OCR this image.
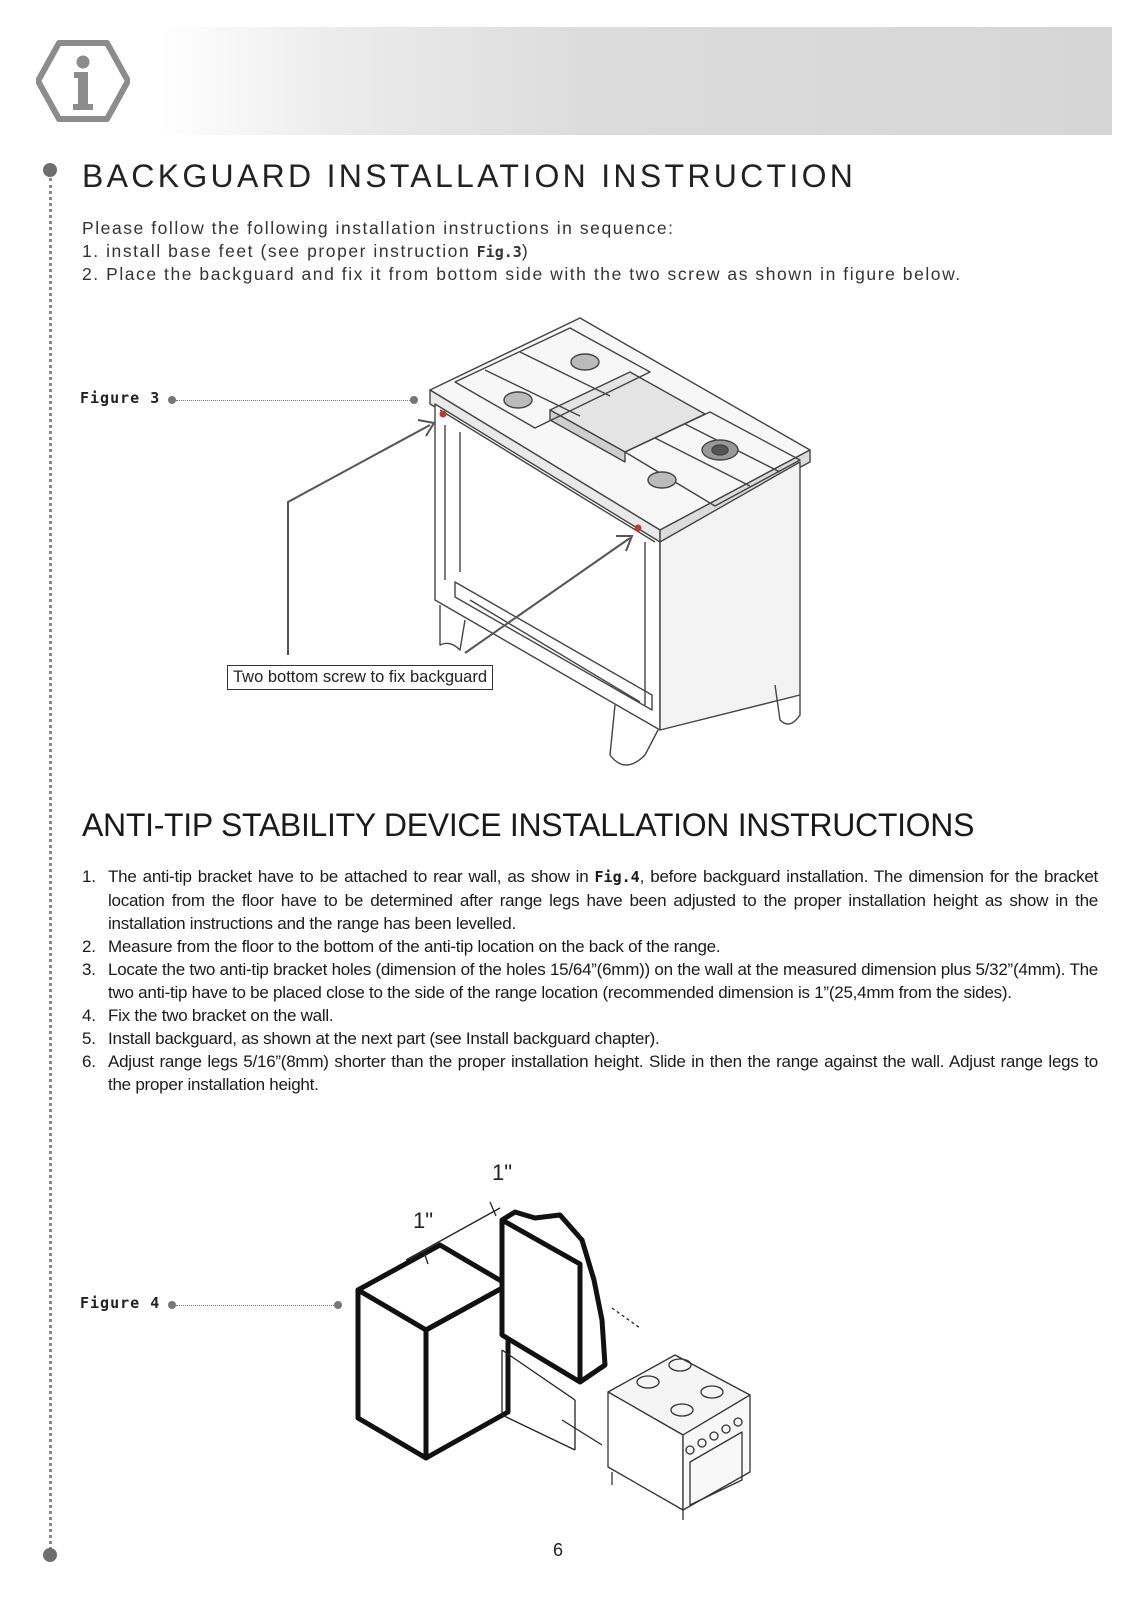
BACKGUARD INSTALLATION INSTRUCTION
Please follow the following installation instructions in sequence:
1. install base feet (see proper instruction Fig.3)
2. Place the backguard and fix it from bottom side with the two screw as shown in figure below.
Figure 3
Two bottom screw to fix backguard
ANTI-TIP STABILITY DEVICE INSTALLATION INSTRUCTIONS
1. The anti-tip bracket have to be attached to rear wall, as show in Fig.4, before backguard installation. The dimension for the bracket location from the floor have to be determined after range legs have been adjusted to the proper installation height as show in the installation instructions and the range has been levelled.
2. Measure from the floor to the bottom of the anti-tip location on the back of the range.
3. Locate the two anti-tip bracket holes (dimension of the holes 15/64”(6mm)) on the wall at the measured dimension plus 5/32”(4mm). The two anti-tip have to be placed close to the side of the range location (recommended dimension is 1”(25,4mm from the sides).
4. Fix the two bracket on the wall.
5. Install backguard, as shown at the next part (see Install backguard chapter).
6. Adjust range legs 5/16”(8mm) shorter than the proper installation height. Slide in then the range against the wall. Adjust range legs to the proper installation height.
Figure 4
1"
1"
6
